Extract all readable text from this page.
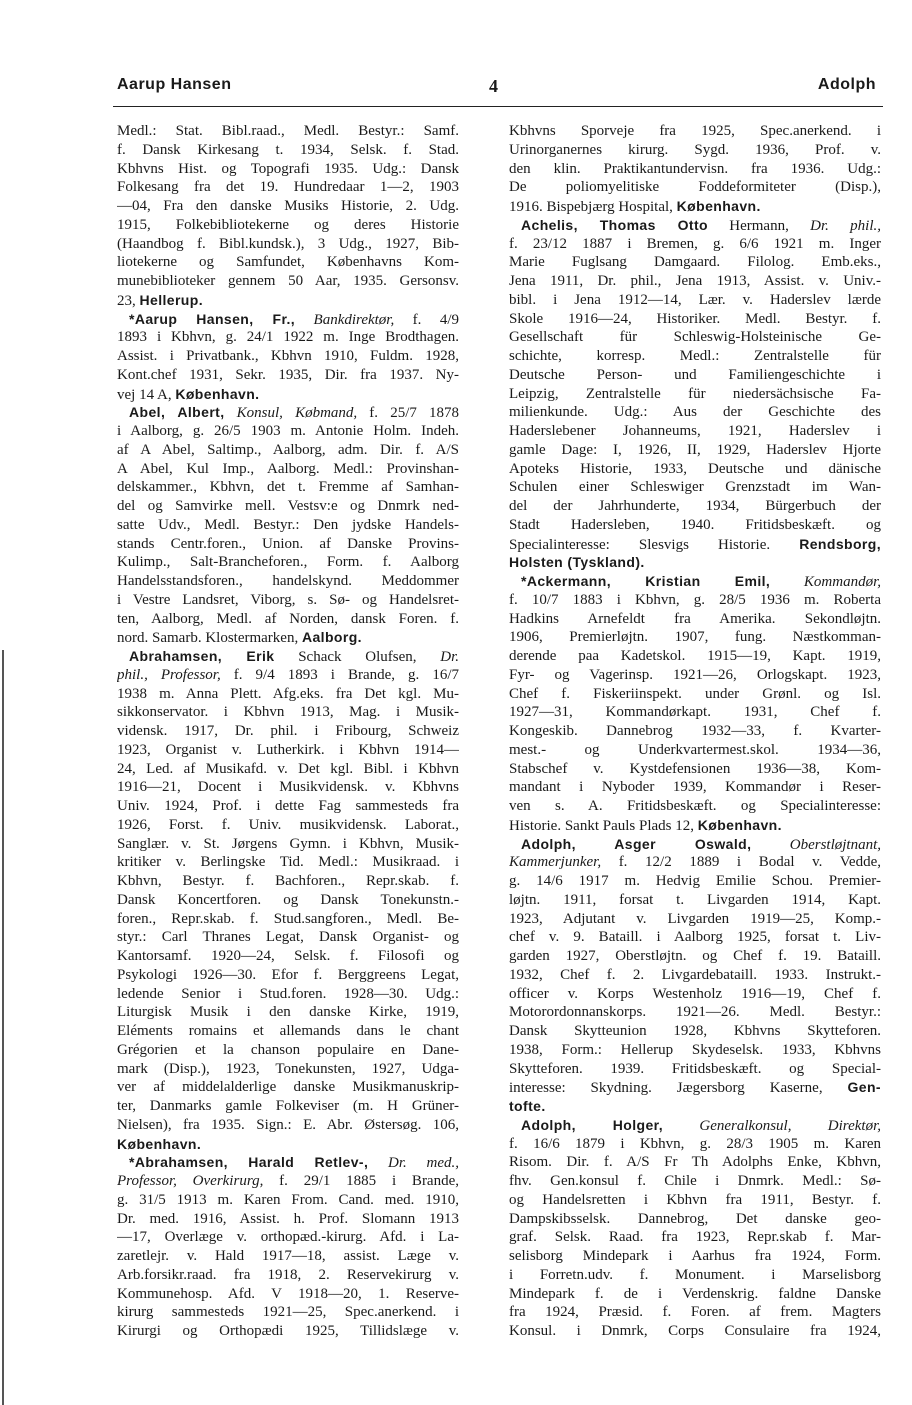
Aarup Hansen	4	Adolph
Medl.: Stat. Bibl.raad., Medl. Bestyr.: Samf.
f. Dansk Kirkesang t. 1934, Selsk. f. Stad.
Kbhvns Hist. og Topografi 1935. Udg.: Dansk
Folkesang fra det 19. Hundredaar 1—2, 1903
—04, Fra den danske Musiks Historie, 2. Udg.
1915, Folkebibliotekerne og deres Historie
(Haandbog f. Bibl.kundsk.), 3 Udg., 1927, Bib-
liotekerne og Samfundet, Københavns Kom-
munebiblioteker gennem 50 Aar, 1935. Gersonsv.
23, Hellerup.
*Aarup Hansen, Fr., Bankdirektør, f. 4/9
1893 i Kbhvn, g. 24/1 1922 m. Inge Brodthagen.
Assist. i Privatbank., Kbhvn 1910, Fuldm. 1928,
Kont.chef 1931, Sekr. 1935, Dir. fra 1937. Ny-
vej 14 A, København.
Abel, Albert, Konsul, Købmand, f. 25/7 1878
i Aalborg, g. 26/5 1903 m. Antonie Holm. Indeh.
af A Abel, Saltimp., Aalborg, adm. Dir. f. A/S
A Abel, Kul Imp., Aalborg. Medl.: Provinshan-
delskammer., Kbhvn, det t. Fremme af Samhan-
del og Samvirke mell. Vestsv:e og Dnmrk ned-
satte Udv., Medl. Bestyr.: Den jydske Handels-
stands Centr.foren., Union. af Danske Provins-
Kulimp., Salt-Brancheforen., Form. f. Aalborg
Handelsstandsforen., handelskynd. Meddommer
i Vestre Landsret, Viborg, s. Sø- og Handelsret-
ten, Aalborg, Medl. af Norden, dansk Foren. f.
nord. Samarb. Klostermarken, Aalborg.
Abrahamsen, Erik Schack Olufsen, Dr.
phil., Professor, f. 9/4 1893 i Brande, g. 16/7
1938 m. Anna Plett. Afg.eks. fra Det kgl. Mu-
sikkonservator. i Kbhvn 1913, Mag. i Musik-
vidensk. 1917, Dr. phil. i Fribourg, Schweiz
1923, Organist v. Lutherkirk. i Kbhvn 1914—
24, Led. af Musikafd. v. Det kgl. Bibl. i Kbhvn
1916—21, Docent i Musikvidensk. v. Kbhvns
Univ. 1924, Prof. i dette Fag sammesteds fra
1926, Forst. f. Univ. musikvidensk. Laborat.,
Sanglær. v. St. Jørgens Gymn. i Kbhvn, Musik-
kritiker v. Berlingske Tid. Medl.: Musikraad. i
Kbhvn, Bestyr. f. Bachforen., Repr.skab. f.
Dansk Koncertforen. og Dansk Tonekunstn.-
foren., Repr.skab. f. Stud.sangforen., Medl. Be-
styr.: Carl Thranes Legat, Dansk Organist- og
Kantorsamf. 1920—24, Selsk. f. Filosofi og
Psykologi 1926—30. Efor f. Berggreens Legat,
ledende Senior i Stud.foren. 1928—30. Udg.:
Liturgisk Musik i den danske Kirke, 1919,
Eléments romains et allemands dans le chant
Grégorien et la chanson populaire en Dane-
mark (Disp.), 1923, Tonekunsten, 1927, Udga-
ver af middelalderlige danske Musikmanuskrip-
ter, Danmarks gamle Folkeviser (m. H Grüner-
Nielsen), fra 1935. Sign.: E. Abr. Østersøg. 106,
København.
*Abrahamsen, Harald Retlev-, Dr. med.,
Professor, Overkirurg, f. 29/1 1885 i Brande,
g. 31/5 1913 m. Karen From. Cand. med. 1910,
Dr. med. 1916, Assist. h. Prof. Slomann 1913
—17, Overlæge v. orthopæd.-kirurg. Afd. i La-
zaretlejr. v. Hald 1917—18, assist. Læge v.
Arb.forsikr.raad. fra 1918, 2. Reservekirurg v.
Kommunehosp. Afd. V 1918—20, 1. Reserve-
kirurg sammesteds 1921—25, Spec.anerkend. i
Kirurgi og Orthopædi 1925, Tillidslæge v.
Kbhvns Sporveje fra 1925, Spec.anerkend. i
Urinorganernes kirurg. Sygd. 1936, Prof. v.
den klin. Praktikantundervisn. fra 1936. Udg.:
De poliomyelitiske Foddeformiteter (Disp.),
1916. Bispebjærg Hospital, København.
Achelis, Thomas Otto Hermann, Dr. phil.,
f. 23/12 1887 i Bremen, g. 6/6 1921 m. Inger
Marie Fuglsang Damgaard. Filolog. Emb.eks.,
Jena 1911, Dr. phil., Jena 1913, Assist. v. Univ.-
bibl. i Jena 1912—14, Lær. v. Haderslev lærde
Skole 1916—24, Historiker. Medl. Bestyr. f.
Gesellschaft für Schleswig-Holsteinische Ge-
schichte, korresp. Medl.: Zentralstelle für
Deutsche Person- und Familiengeschichte i
Leipzig, Zentralstelle für niedersächsische Fa-
milienkunde. Udg.: Aus der Geschichte des
Haderslebener Johanneums, 1921, Haderslev i
gamle Dage: I, 1926, II, 1929, Haderslev Hjorte
Apoteks Historie, 1933, Deutsche und dänische
Schulen einer Schleswiger Grenzstadt im Wan-
del der Jahrhunderte, 1934, Bürgerbuch der
Stadt Hadersleben, 1940. Fritidsbeskæft. og
Specialinteresse: Slesvigs Historie. Rendsborg,
Holsten (Tyskland).
*Ackermann, Kristian Emil, Kommandør,
f. 10/7 1883 i Kbhvn, g. 28/5 1936 m. Roberta
Hadkins Arnefeldt fra Amerika. Sekondløjtn.
1906, Premierløjtn. 1907, fung. Næstkomman-
derende paa Kadetskol. 1915—19, Kapt. 1919,
Fyr- og Vagerinsp. 1921—26, Orlogskapt. 1923,
Chef f. Fiskeriinspekt. under Grønl. og Isl.
1927—31, Kommandørkapt. 1931, Chef f.
Kongeskib. Dannebrog 1932—33, f. Kvarter-
mest.- og Underkvartermest.skol. 1934—36,
Stabschef v. Kystdefensionen 1936—38, Kom-
mandant i Nyboder 1939, Kommandør i Reser-
ven s. A. Fritidsbeskæft. og Specialinteresse:
Historie. Sankt Pauls Plads 12, København.
Adolph, Asger Oswald,	Oberstløjtnant,
Kammerjunker, f. 12/2 1889 i Bodal v. Vedde,
g. 14/6 1917 m. Hedvig Emilie Schou. Premier-
løjtn. 1911, forsat t. Livgarden 1914, Kapt.
1923, Adjutant v. Livgarden 1919—25, Komp.-
chef v. 9. Bataill. i Aalborg 1925, forsat t. Liv-
garden 1927, Oberstløjtn. og Chef f. 19. Bataill.
1932, Chef f. 2. Livgardebataill. 1933. Instrukt.-
officer v. Korps Westenholz 1916—19, Chef f.
Motorordonnanskorps. 1921—26. Medl. Bestyr.:
Dansk Skytteunion 1928, Kbhvns Skytteforen.
1938, Form.: Hellerup Skydeselsk. 1933, Kbhvns
Skytteforen. 1939. Fritidsbeskæft. og Special-
interesse: Skydning. Jægersborg Kaserne, Gen-
tofte.
Adolph, Holger, Generalkonsul, Direktør,
f. 16/6 1879 i Kbhvn, g. 28/3 1905 m. Karen
Risom. Dir. f. A/S Fr Th Adolphs Enke, Kbhvn,
fhv. Gen.konsul f. Chile i Dnmrk. Medl.: Sø-
og Handelsretten i Kbhvn fra 1911, Bestyr. f.
Dampskibsselsk. Dannebrog, Det danske geo-
graf. Selsk. Raad. fra 1923, Repr.skab f. Mar-
selisborg Mindepark i Aarhus fra 1924, Form.
i Forretn.udv. f. Monument. i Marselisborg
Mindepark f. de i Verdenskrig. faldne Danske
fra 1924, Præsid. f. Foren. af frem. Magters
Konsul. i Dnmrk, Corps Consulaire fra 1924,
